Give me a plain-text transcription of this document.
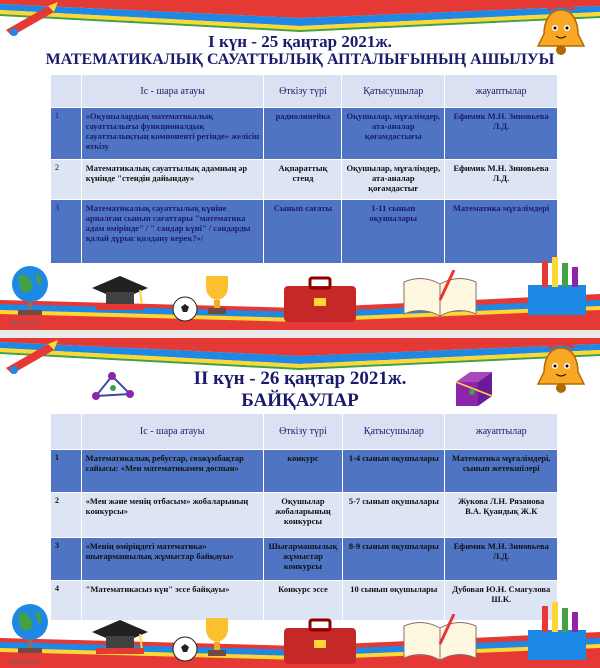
I күн - 25 қаңтар 2021ж.
МАТЕМАТИКАЛЫҚ САУАТТЫЛЫҚ АПТАЛЫҒЫНЫҢ АШЫЛУЫ
	Іс - шара атауы	Өткізу түрі	Қатысушылар	жауаптылар
1	«Оқушылардың математикалық сауаттылығы функционалдық сауаттылықтың компоненті ретінде» желісін өткізу	радиолинейка	Оқушылар, мұғалімдер, ата-аналар қоғамдастығы	Ефимик М.Н. Зиновьева Л.Д.
2	Математикалық сауаттылық адамның әр күнінде "стендін дайындау»	Ақпараттық стенд	Оқушылар, мұғалімдер, ата-аналар қоғамдастығ	Ефимик М.Н. Зиновьева Л.Д.
3	Математикалық сауаттылық күніне арналған сынып сағаттары "математика адам өмірінде" / " сандар күні" / сандарды қалай дұрыс қолдану керек?»/	Сынып сағаты	1-11 сынып оқушылары	Математика мұғалімдері
http://bestl...
II күн - 26 қаңтар 2021ж.
БАЙҚАУЛАР
	Іс - шара атауы	Өткізу түрі	Қатысушылар	жауаптылар
1	Математикалық ребустар, сөзжұмбақтар сайысы: «Мен математикамен доспын»	конкурс	1-4 сынып оқушылары	Математика мұғалімдері, сынып жетекшілері
2	«Мен және менің отбасым» жобаларының конкурсы»	Оқушылар жобаларының конкурсы	5-7 сынып оқушылары	Жукова Л.Н. Рязанова В.А. Қуандық Ж.К
3	«Менің өміріңдегі математика» шығармашылық жұмыстар байқауы»	Шығармашылық жұмыстар конкурсы	8-9 сынып оқушылары	Ефимик М.Н. Зиновьева Л.Д.
4	"Математикасыз күн" эссе байқауы»	Конкурс эссе	10 сынып оқушылары	Дубовая Ю.Н. Смагулова Ш.К.
http://bestl...
